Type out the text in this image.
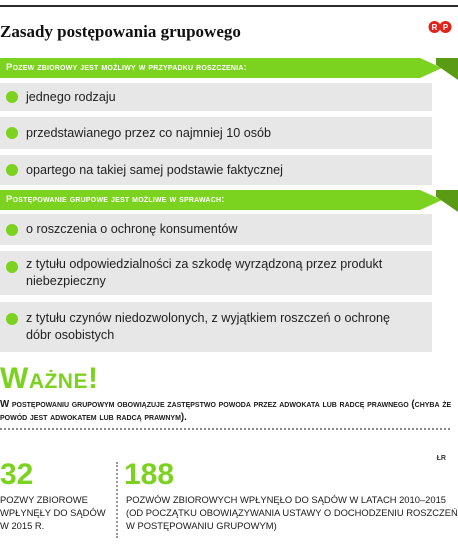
Zasady postępowania grupowego	R P
Pozew zbiorowy jest możliwy w przypadku roszczenia:
jednego rodzaju
przedstawianego przez co najmniej 10 osób
opartego na takiej samej podstawie faktycznej
Postępowanie grupowe jest możliwe w sprawach:
o roszczenia o ochronę konsumentów
z tytułu odpowiedzialności za szkodę wyrządzoną przez produkt niebezpieczny
z tytułu czynów niedozwolonych, z wyjątkiem roszczeń o ochronę dóbr osobistych
Ważne!
W postępowaniu grupowym obowiązuje zastępstwo powoda przez adwokata lub radcę prawnego (chyba że powód jest adwokatem lub radcą prawnym).
ŁR
32
POZWY ZBIOROWE WPŁYNĘŁY DO SĄDÓW W 2015 R.
188
POZWÓW ZBIOROWYCH WPŁYNĘŁO DO SĄDÓW W LATACH 2010–2015 (OD POCZĄTKU OBOWIĄZYWANIA USTAWY O DOCHODZENIU ROSZCZEŃ W POSTĘPOWANIU GRUPOWYM)
